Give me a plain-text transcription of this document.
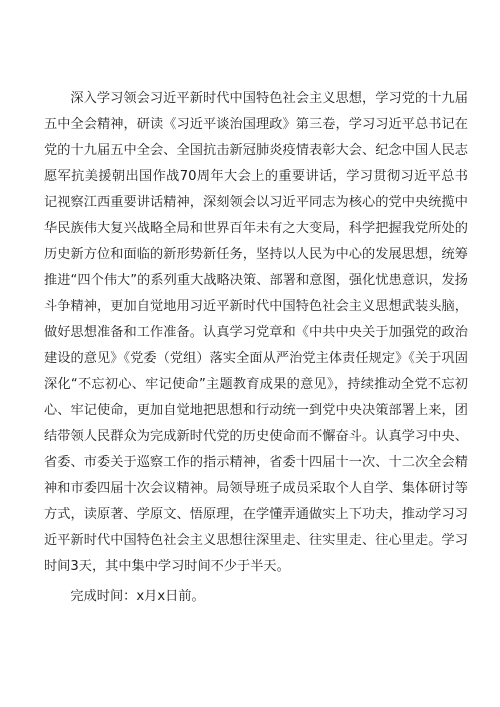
深入学习领会习近平新时代中国特色社会主义思想，学习党的十九届五中全会精神，研读《习近平谈治国理政》第三卷，学习习近平总书记在党的十九届五中全会、全国抗击新冠肺炎疫情表彰大会、纪念中国人民志愿军抗美援朝出国作战70周年大会上的重要讲话，学习贯彻习近平总书记视察江西重要讲话精神，深刻领会以习近平同志为核心的党中央统揽中华民族伟大复兴战略全局和世界百年未有之大变局，科学把握我党所处的历史新方位和面临的新形势新任务，坚持以人民为中心的发展思想，统筹推进“四个伟大”的系列重大战略决策、部署和意图，强化忧患意识，发扬斗争精神，更加自觉地用习近平新时代中国特色社会主义思想武装头脑，做好思想准备和工作准备。认真学习党章和《中共中央关于加强党的政治建设的意见》《党委（党组）落实全面从严治党主体责任规定》《关于巩固深化“不忘初心、牢记使命”主题教育成果的意见》，持续推动全党不忘初心、牢记使命，更加自觉地把思想和行动统一到党中央决策部署上来，团结带领人民群众为完成新时代党的历史使命而不懈奋斗。认真学习中央、省委、市委关于巡察工作的指示精神，省委十四届十一次、十二次全会精神和市委四届十次会议精神。局领导班子成员采取个人自学、集体研讨等方式，读原著、学原文、悟原理，在学懂弄通做实上下功夫，推动学习习近平新时代中国特色社会主义思想往深里走、往实里走、往心里走。学习时间3天，其中集中学习时间不少于半天。

完成时间：x月x日前。
